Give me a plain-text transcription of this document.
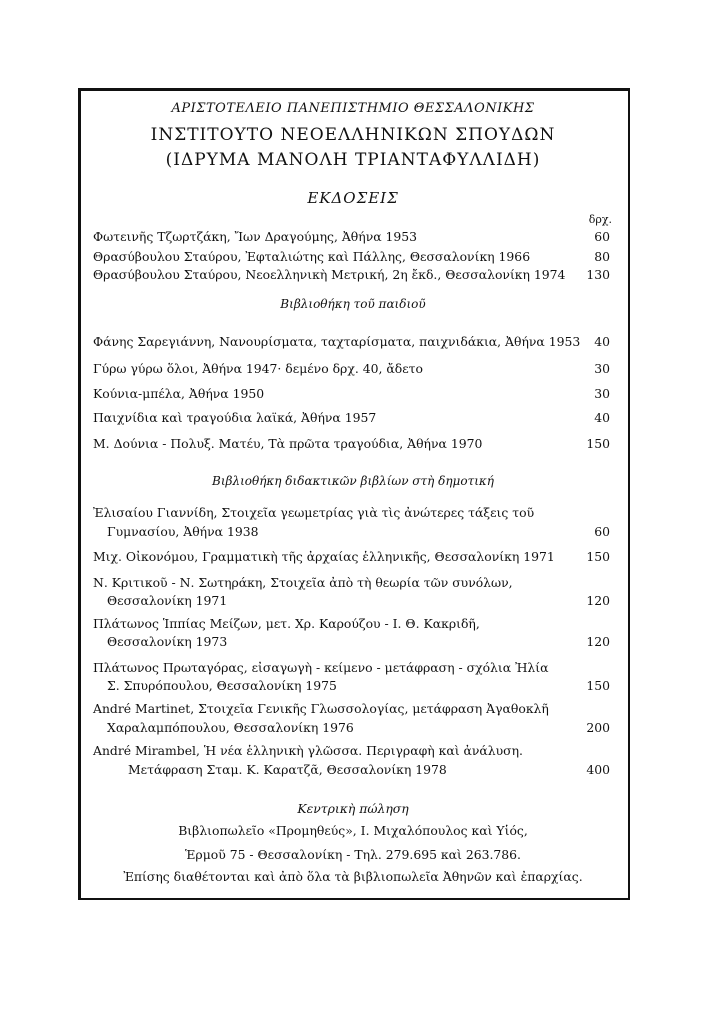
ΑΡΙΣΤΟΤΕΛΕΙΟ ΠΑΝΕΠΙΣΤΗΜΙΟ ΘΕΣΣΑΛΟΝΙΚΗΣ
ΙΝΣΤΙΤΟΥΤΟ ΝΕΟΕΛΛΗΝΙΚΩΝ ΣΠΟΥΔΩΝ
(ΙΔΡΥΜΑ ΜΑΝΟΛΗ ΤΡΙΑΝΤΑΦΥΛΛΙΔΗ)
ΕΚΔΟΣΕΙΣ
δρχ.
Φωτεινῆς Τζωρτζάκη, Ἴων Δραγούμης, Ἀθήνα 1953	60
Θρασύβουλου Σταύρου, Ἐφταλιώτης καὶ Πάλλης, Θεσσαλονίκη 1966	80
Θρασύβουλου Σταύρου, Νεοελληνικὴ Μετρική, 2η ἔκδ., Θεσσαλονίκη 1974	130
Βιβλιοθήκη τοῦ παιδιοῦ
Φάνης Σαρεγιάννη, Νανουρίσματα, ταχταρίσματα, παιχνιδάκια, Ἀθήνα 1953	40
Γύρω γύρω ὅλοι, Ἀθήνα 1947· δεμένο δρχ. 40, ἄδετο	30
Κούνια-μπέλα, Ἀθήνα 1950	30
Παιχνίδια καὶ τραγούδια λαϊκά, Ἀθήνα 1957	40
Μ. Δούνια - Πολυξ. Ματέυ, Τὰ πρῶτα τραγούδια, Ἀθήνα 1970	150
Βιβλιοθήκη διδακτικῶν βιβλίων στὴ δημοτική
Ἐλισαίου Γιαννίδη, Στοιχεῖα γεωμετρίας γιὰ τὶς ἀνώτερες τάξεις τοῦ
Γυμνασίου, Ἀθήνα 1938	60
Μιχ. Οἰκονόμου, Γραμματικὴ τῆς ἀρχαίας ἑλληνικῆς, Θεσσαλονίκη 1971	150
Ν. Κριτικοῦ - Ν. Σωτηράκη, Στοιχεῖα ἀπὸ τὴ θεωρία τῶν συνόλων,
Θεσσαλονίκη 1971	120
Πλάτωνος Ἱππίας Μείζων, μετ. Χρ. Καρούζου - Ι. Θ. Κακριδῆ,
Θεσσαλονίκη 1973	120
Πλάτωνος Πρωταγόρας, εἰσαγωγὴ - κείμενο - μετάφραση - σχόλια Ἠλία
Σ. Σπυρόπουλου, Θεσσαλονίκη 1975	150
André Martinet, Στοιχεῖα Γενικῆς Γλωσσολογίας, μετάφραση Ἀγαθοκλῆ
Χαραλαμπόπουλου, Θεσσαλονίκη 1976	200
André Mirambel, Ἡ νέα ἑλληνικὴ γλῶσσα. Περιγραφὴ καὶ ἀνάλυση.
Μετάφραση Σταμ. Κ. Καρατζᾶ, Θεσσαλονίκη 1978	400
Κεντρικὴ πώληση
Βιβλιοπωλεῖο «Προμηθεύς», Ι. Μιχαλόπουλος καὶ Υἱός,
Ἑρμοῦ 75 - Θεσσαλονίκη - Τηλ. 279.695 καὶ 263.786.
Ἐπίσης διαθέτονται καὶ ἀπὸ ὅλα τὰ βιβλιοπωλεῖα Ἀθηνῶν καὶ ἐπαρχίας.
